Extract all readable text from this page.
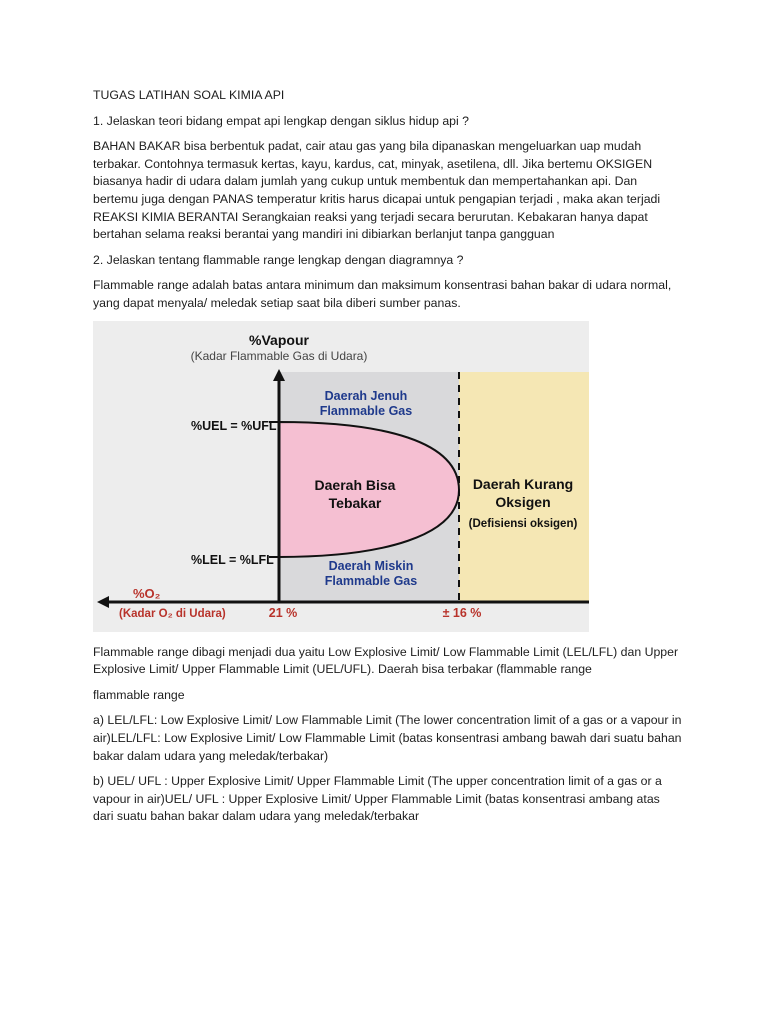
TUGAS LATIHAN SOAL KIMIA API

1. Jelaskan teori bidang empat api lengkap dengan siklus hidup api ?

BAHAN BAKAR bisa berbentuk padat, cair atau gas yang bila dipanaskan mengeluarkan uap mudah terbakar. Contohnya termasuk kertas, kayu, kardus, cat, minyak, asetilena, dll. Jika bertemu OKSIGEN biasanya hadir di udara dalam jumlah yang cukup untuk membentuk dan mempertahankan api. Dan bertemu juga dengan PANAS temperatur kritis harus dicapai untuk pengapian terjadi , maka akan terjadi REAKSI KIMIA BERANTAI Serangkaian reaksi yang terjadi secara berurutan. Kebakaran hanya dapat bertahan selama reaksi berantai yang mandiri ini dibiarkan berlanjut tanpa gangguan

2. Jelaskan tentang flammable range lengkap dengan diagramnya ?

Flammable range adalah batas antara minimum dan maksimum konsentrasi bahan bakar di udara normal, yang dapat menyala/ meledak setiap saat bila diberi sumber panas.

%Vapour
(Kadar Flammable Gas di Udara)
%UEL = %UFL
%LEL = %LFL
Daerah Jenuh
Flammable Gas
Daerah Bisa
Tebakar
Daerah Miskin
Flammable Gas
Daerah Kurang
Oksigen
(Defisiensi oksigen)
%O₂
(Kadar O₂ di Udara)	21 %	± 16 %

Flammable range dibagi menjadi dua yaitu Low Explosive Limit/ Low Flammable Limit (LEL/LFL) dan Upper Explosive Limit/ Upper Flammable Limit (UEL/UFL). Daerah bisa terbakar (flammable range

flammable range

a) LEL/LFL: Low Explosive Limit/ Low Flammable Limit (The lower concentration limit of a gas or a vapour in air)LEL/LFL: Low Explosive Limit/ Low Flammable Limit (batas konsentrasi ambang bawah dari suatu bahan bakar dalam udara yang meledak/terbakar)

b) UEL/ UFL : Upper Explosive Limit/ Upper Flammable Limit (The upper concentration limit of a gas or a vapour in air)UEL/ UFL : Upper Explosive Limit/ Upper Flammable Limit (batas konsentrasi ambang atas dari suatu bahan bakar dalam udara yang meledak/terbakar
